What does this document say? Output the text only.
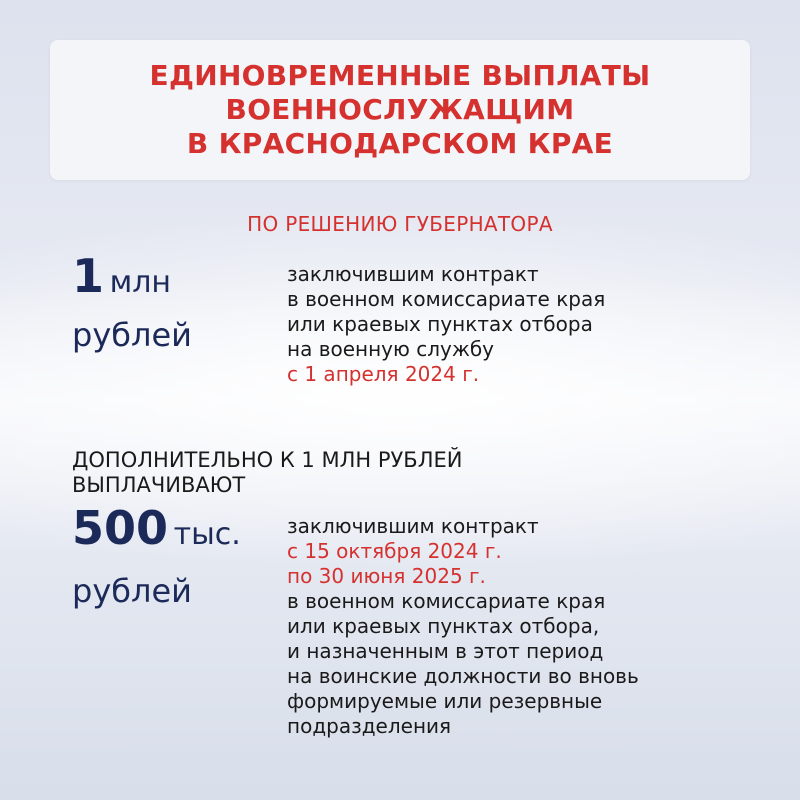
ЕДИНОВРЕМЕННЫЕ ВЫПЛАТЫ
ВОЕННОСЛУЖАЩИМ
В КРАСНОДАРСКОМ КРАЕ
ПО РЕШЕНИЮ ГУБЕРНАТОРА
1 млн
рублей
заключившим контракт
в военном комиссариате края
или краевых пунктах отбора
на военную службу
с 1 апреля 2024 г.
ДОПОЛНИТЕЛЬНО К 1 МЛН РУБЛЕЙ
ВЫПЛАЧИВАЮТ
500 тыс.
рублей
заключившим контракт
с 15 октября 2024 г.
по 30 июня 2025 г.
в военном комиссариате края
или краевых пунктах отбора,
и назначенным в этот период
на воинские должности во вновь
формируемые или резервные
подразделения
